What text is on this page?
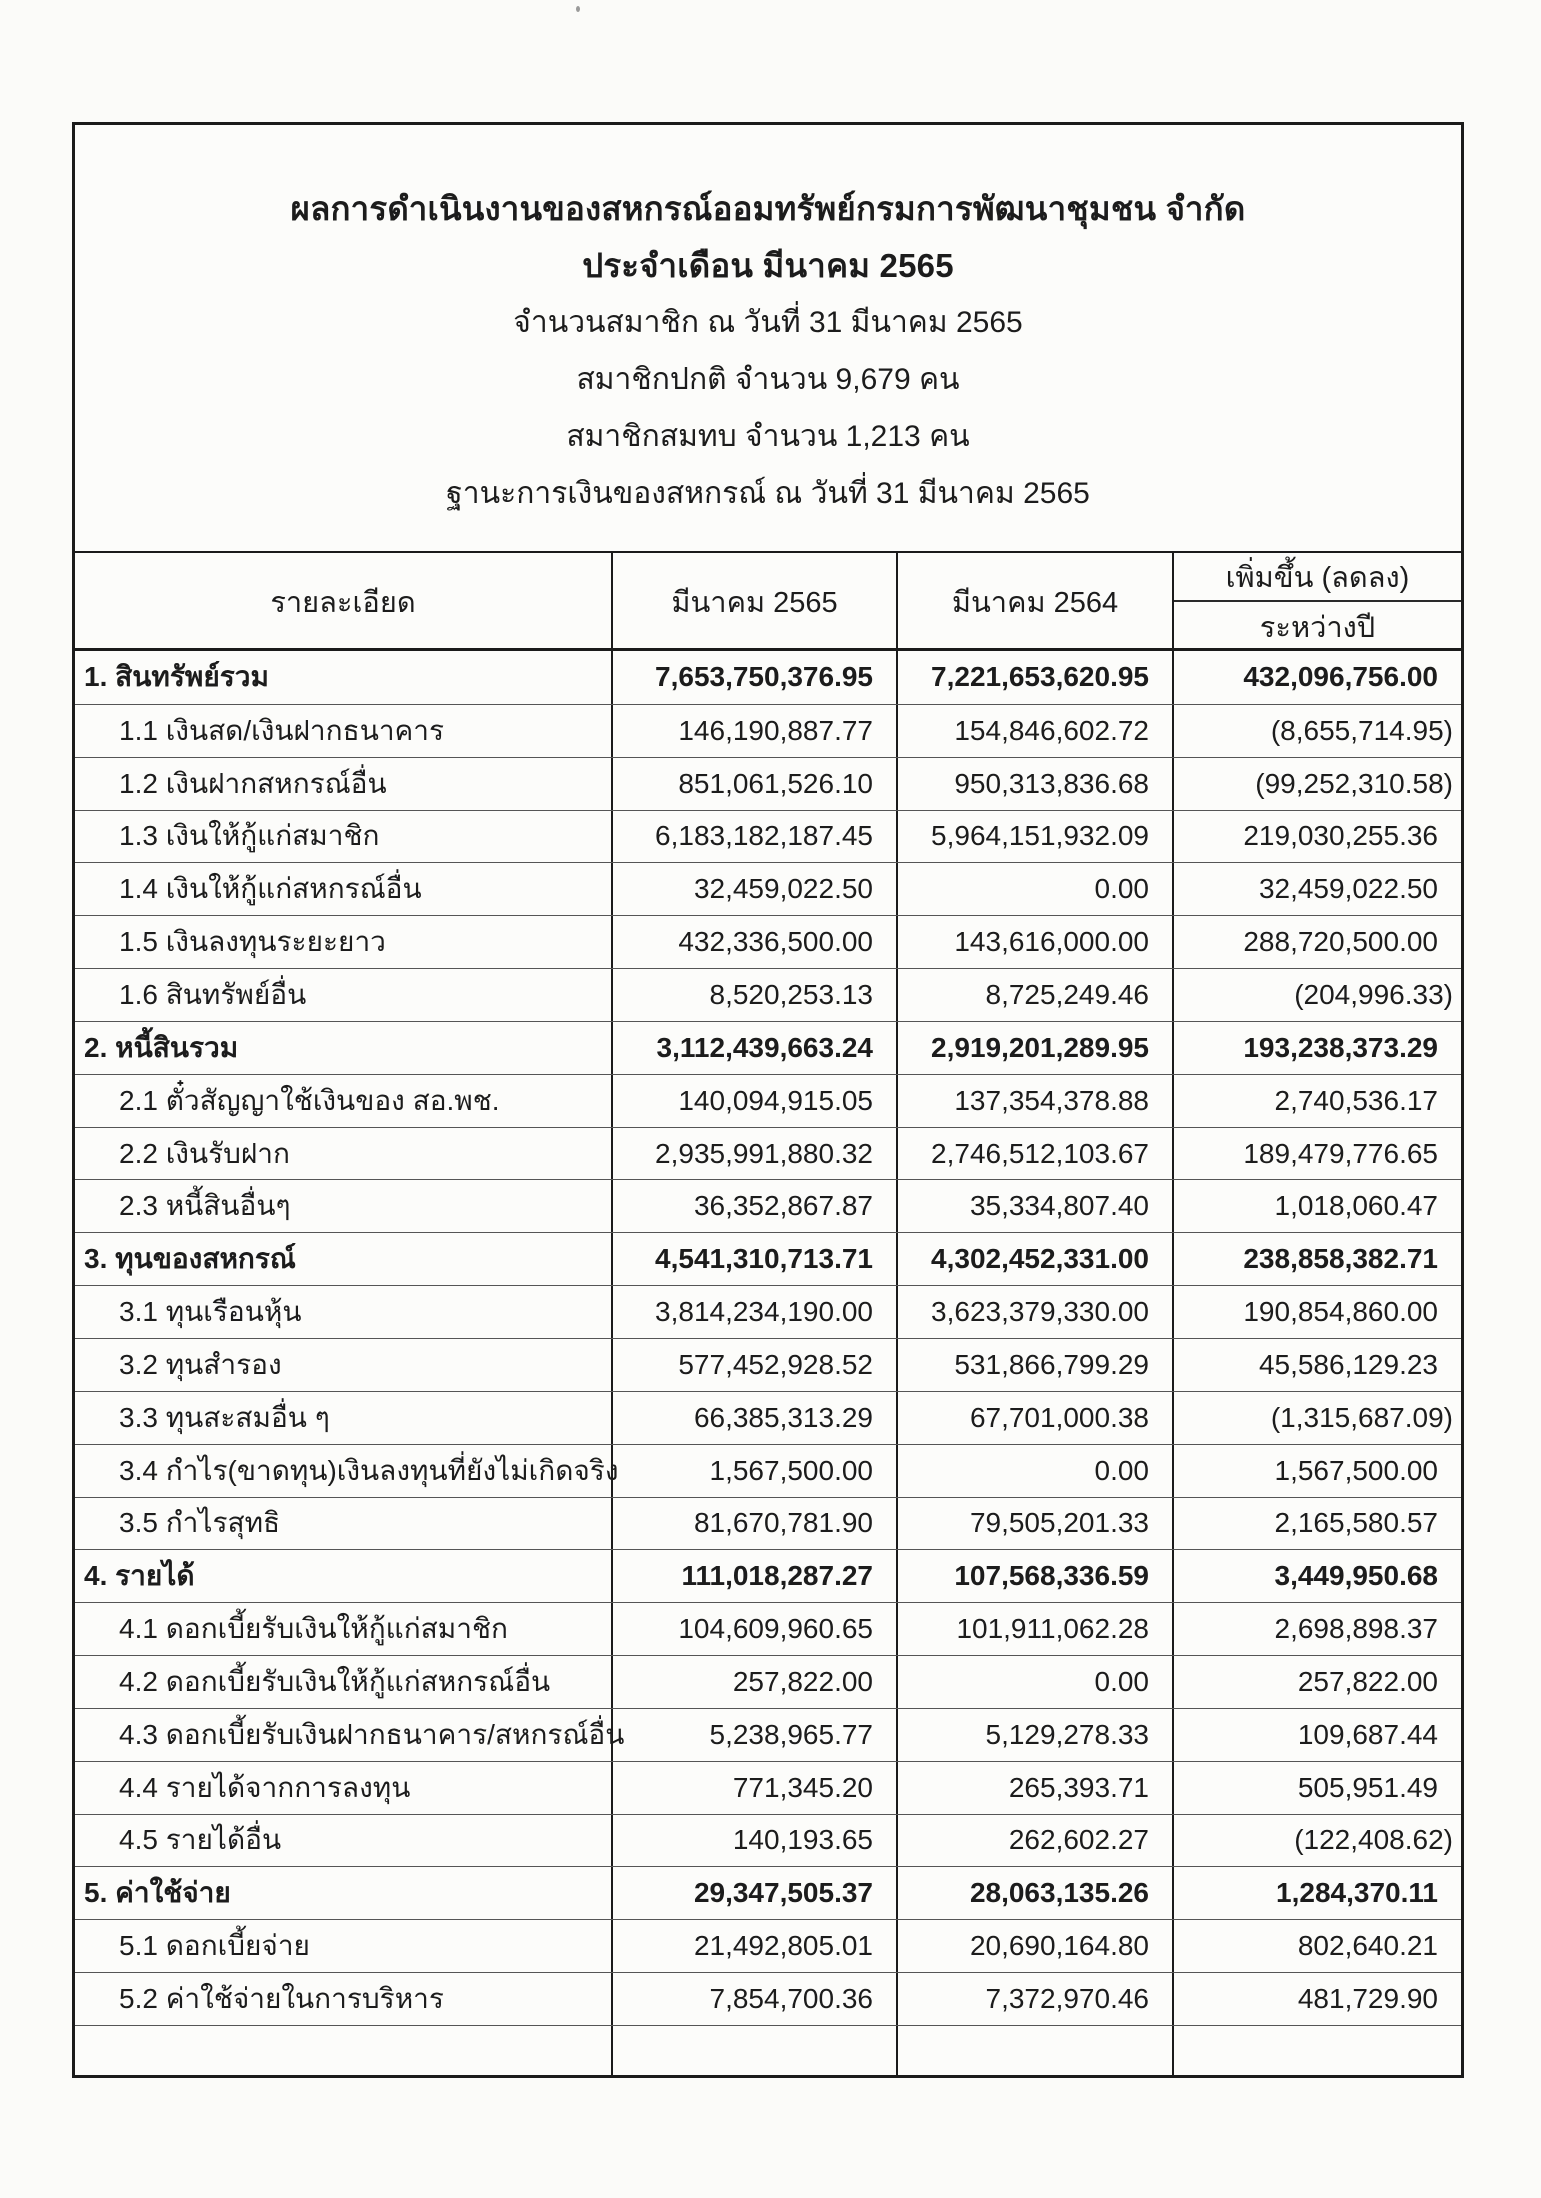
ผลการดำเนินงานของสหกรณ์ออมทรัพย์กรมการพัฒนาชุมชน จำกัด
ประจำเดือน มีนาคม 2565
จำนวนสมาชิก ณ วันที่ 31 มีนาคม 2565
สมาชิกปกติ จำนวน 9,679 คน
สมาชิกสมทบ จำนวน 1,213 คน
ฐานะการเงินของสหกรณ์ ณ วันที่ 31 มีนาคม 2565
รายละเอียด	มีนาคม 2565	มีนาคม 2564
เพิ่มขึ้น (ลดลง)
ระหว่างปี
1. สินทรัพย์รวม	7,653,750,376.95	7,221,653,620.95	432,096,756.00
1.1 เงินสด/เงินฝากธนาคาร	146,190,887.77	154,846,602.72	(8,655,714.95)
1.2 เงินฝากสหกรณ์อื่น	851,061,526.10	950,313,836.68	(99,252,310.58)
1.3 เงินให้กู้แก่สมาชิก	6,183,182,187.45	5,964,151,932.09	219,030,255.36
1.4 เงินให้กู้แก่สหกรณ์อื่น	32,459,022.50	0.00	32,459,022.50
1.5 เงินลงทุนระยะยาว	432,336,500.00	143,616,000.00	288,720,500.00
1.6 สินทรัพย์อื่น	8,520,253.13	8,725,249.46	(204,996.33)
2. หนี้สินรวม	3,112,439,663.24	2,919,201,289.95	193,238,373.29
2.1 ตั๋วสัญญาใช้เงินของ สอ.พช.	140,094,915.05	137,354,378.88	2,740,536.17
2.2 เงินรับฝาก	2,935,991,880.32	2,746,512,103.67	189,479,776.65
2.3 หนี้สินอื่นๆ	36,352,867.87	35,334,807.40	1,018,060.47
3. ทุนของสหกรณ์	4,541,310,713.71	4,302,452,331.00	238,858,382.71
3.1 ทุนเรือนหุ้น	3,814,234,190.00	3,623,379,330.00	190,854,860.00
3.2 ทุนสำรอง	577,452,928.52	531,866,799.29	45,586,129.23
3.3 ทุนสะสมอื่น ๆ	66,385,313.29	67,701,000.38	(1,315,687.09)
3.4 กำไร(ขาดทุน)เงินลงทุนที่ยังไม่เกิดจริง	1,567,500.00	0.00	1,567,500.00
3.5 กำไรสุทธิ	81,670,781.90	79,505,201.33	2,165,580.57
4. รายได้	111,018,287.27	107,568,336.59	3,449,950.68
4.1 ดอกเบี้ยรับเงินให้กู้แก่สมาชิก	104,609,960.65	101,911,062.28	2,698,898.37
4.2 ดอกเบี้ยรับเงินให้กู้แก่สหกรณ์อื่น	257,822.00	0.00	257,822.00
4.3 ดอกเบี้ยรับเงินฝากธนาคาร/สหกรณ์อื่น	5,238,965.77	5,129,278.33	109,687.44
4.4 รายได้จากการลงทุน	771,345.20	265,393.71	505,951.49
4.5 รายได้อื่น	140,193.65	262,602.27	(122,408.62)
5. ค่าใช้จ่าย	29,347,505.37	28,063,135.26	1,284,370.11
5.1 ดอกเบี้ยจ่าย	21,492,805.01	20,690,164.80	802,640.21
5.2 ค่าใช้จ่ายในการบริหาร	7,854,700.36	7,372,970.46	481,729.90
